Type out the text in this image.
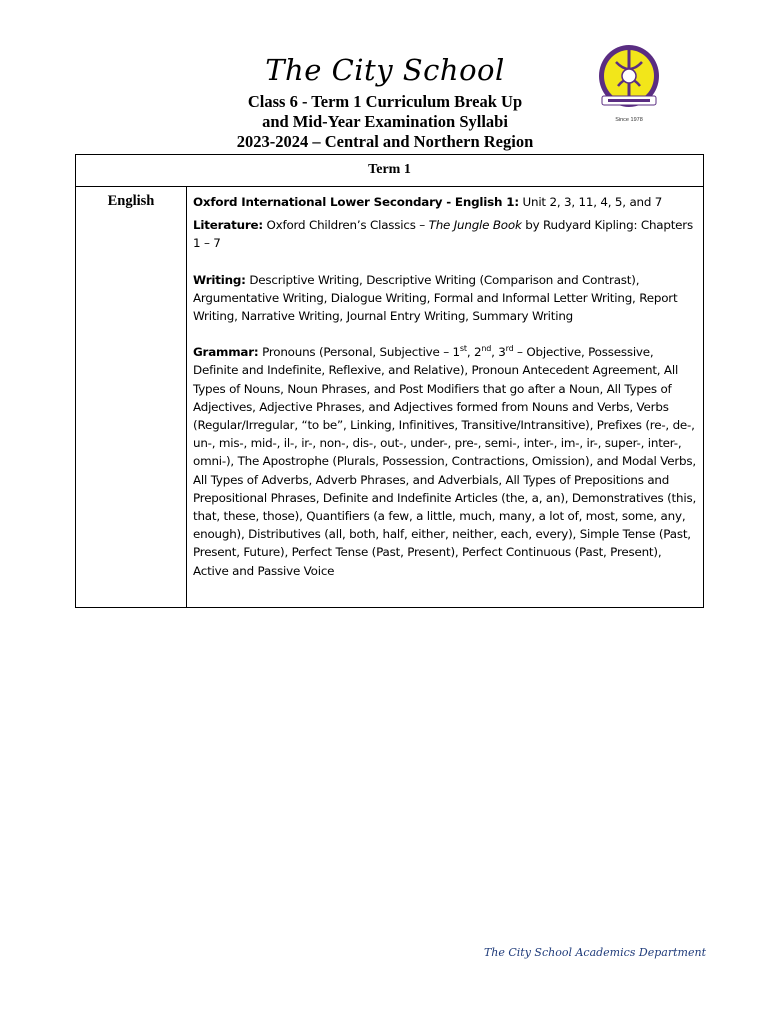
The City School
Class 6 - Term 1 Curriculum Break Up
and Mid-Year Examination Syllabi
2023-2024 – Central and Northern Region
Since 1978
Term 1
English	Oxford International Lower Secondary - English 1: Unit 2, 3, 11, 4, 5, and 7

Literature: Oxford Children’s Classics – The Jungle Book by Rudyard Kipling: Chapters 1 – 7

Writing: Descriptive Writing, Descriptive Writing (Comparison and Contrast), Argumentative Writing, Dialogue Writing, Formal and Informal Letter Writing, Report Writing, Narrative Writing, Journal Entry Writing, Summary Writing

Grammar: Pronouns (Personal, Subjective – 1st, 2nd, 3rd – Objective, Possessive, Definite and Indefinite, Reflexive, and Relative), Pronoun Antecedent Agreement, All Types of Nouns, Noun Phrases, and Post Modifiers that go after a Noun, All Types of Adjectives, Adjective Phrases, and Adjectives formed from Nouns and Verbs, Verbs (Regular/Irregular, “to be”, Linking, Infinitives, Transitive/Intransitive), Prefixes (re-, de-, un-, mis-, mid-, il-, ir-, non-, dis-, out-, under-, pre-, semi-, inter-, im-, ir-, super-, inter-, omni-), The Apostrophe (Plurals, Possession, Contractions, Omission), and Modal Verbs, All Types of Adverbs, Adverb Phrases, and Adverbials, All Types of Prepositions and Prepositional Phrases, Definite and Indefinite Articles (the, a, an), Demonstratives (this, that, these, those), Quantifiers (a few, a little, much, many, a lot of, most, some, any, enough), Distributives (all, both, half, either, neither, each, every), Simple Tense (Past, Present, Future), Perfect Tense (Past, Present), Perfect Continuous (Past, Present), Active and Passive Voice

The City School Academics Department
